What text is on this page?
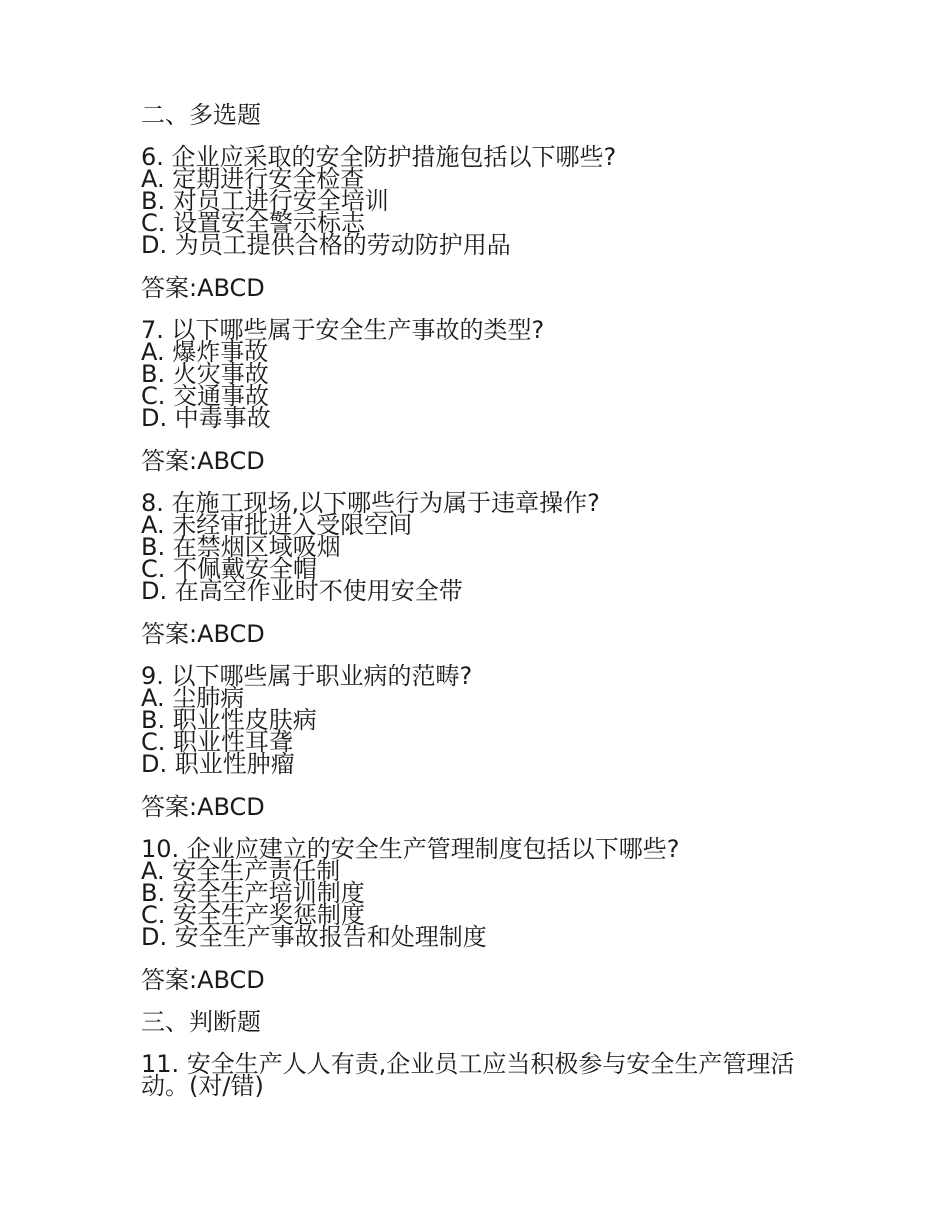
二、多选题
6. 企业应采取的安全防护措施包括以下哪些?
A. 定期进行安全检查
B. 对员工进行安全培训
C. 设置安全警示标志
D. 为员工提供合格的劳动防护用品
答案:ABCD
7. 以下哪些属于安全生产事故的类型?
A. 爆炸事故
B. 火灾事故
C. 交通事故
D. 中毒事故
答案:ABCD
8. 在施工现场,以下哪些行为属于违章操作?
A. 未经审批进入受限空间
B. 在禁烟区域吸烟
C. 不佩戴安全帽
D. 在高空作业时不使用安全带
答案:ABCD
9. 以下哪些属于职业病的范畴?
A. 尘肺病
B. 职业性皮肤病
C. 职业性耳聋
D. 职业性肿瘤
答案:ABCD
10. 企业应建立的安全生产管理制度包括以下哪些?
A. 安全生产责任制
B. 安全生产培训制度
C. 安全生产奖惩制度
D. 安全生产事故报告和处理制度
答案:ABCD
三、判断题
11. 安全生产人人有责,企业员工应当积极参与安全生产管理活动。(对/错)
